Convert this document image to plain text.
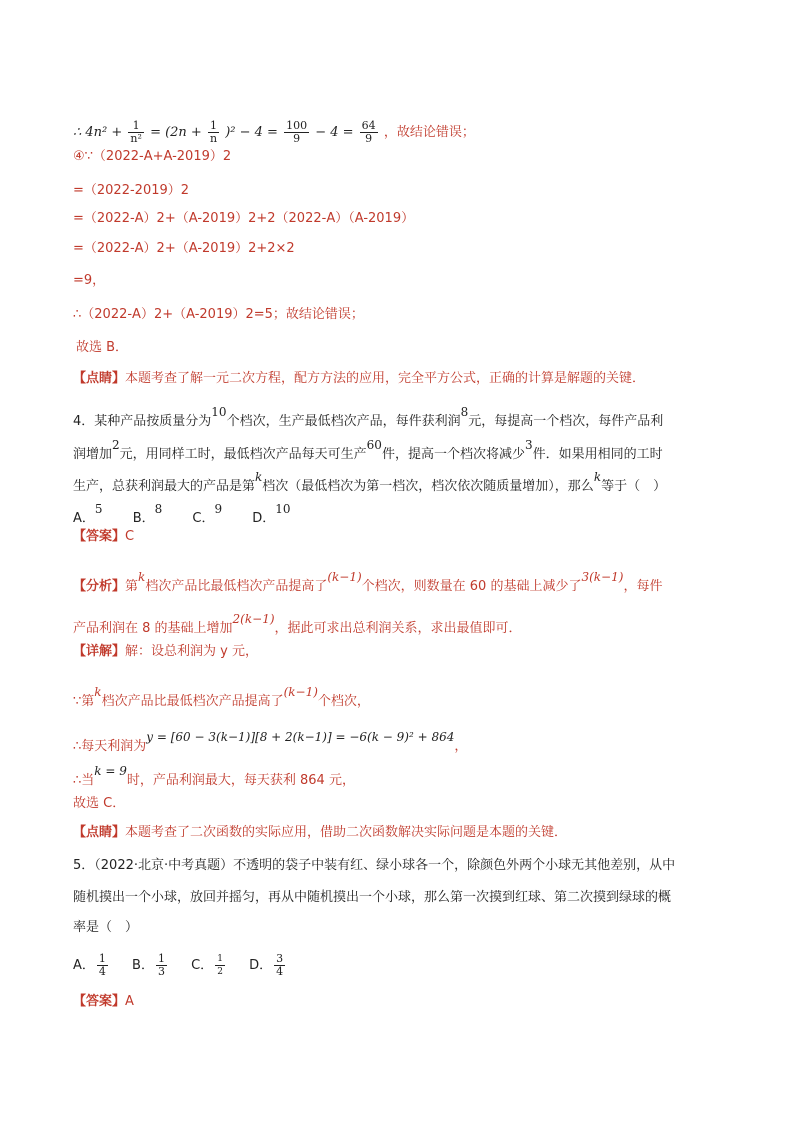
∴ $4n^2 + \frac{1}{\text{n²}} = (2n + \frac{1}{n} )^2 - 4 = \frac{100}{9} - 4 = \frac{64}{9}$ ，故结论错误；
④∵（2022-A+A-2019）2
=（2022-2019）2
=（2022-A）2+（A-2019）2+2（2022-A）（A-2019）
=（2022-A）2+（A-2019）2+2×2
=9，
∴（2022-A）2+（A-2019）2=5；故结论错误；
故选 B．
【点睛】本题考查了解一元二次方程，配方方法的应用，完全平方公式，正确的计算是解题的关键．
4．某种产品按质量分为10个档次，生产最低档次产品，每件获利润8元，每提高一个档次，每件产品利
润增加2元，用同样工时，最低档次产品每天可生产60件，提高一个档次将减少3件．如果用相同的工时
生产，总获利润最大的产品是第k档次（最低档次为第一档次，档次依次随质量增加），那么k等于（　）
A．5 B．8 C．9 D．10
【答案】C
【分析】第k档次产品比最低档次产品提高了(k−1)个档次，则数量在 60 的基础上减少了3(k−1)，每件
产品利润在 8 的基础上增加2(k−1)，据此可求出总利润关系，求出最值即可．
【详解】解：设总利润为 y 元，
∵第k档次产品比最低档次产品提高了(k−1)个档次，
∴每天利润为y = [60 − 3(k−1)][8 + 2(k−1)] = −6(k − 9)² + 864，
∴当k = 9时，产品利润最大，每天获利 864 元，
故选 C．
【点睛】本题考查了二次函数的实际应用，借助二次函数解决实际问题是本题的关键．
5．（2022·北京·中考真题）不透明的袋子中装有红、绿小球各一个，除颜色外两个小球无其他差别，从中
随机摸出一个小球，放回并摇匀，再从中随机摸出一个小球，那么第一次摸到红球、第二次摸到绿球的概
率是（　）
A． $\frac{1}{4}$ B． $\frac{1}{3}$ C． $\frac{1}{2}$ D． $\frac{3}{4}$
【答案】A
